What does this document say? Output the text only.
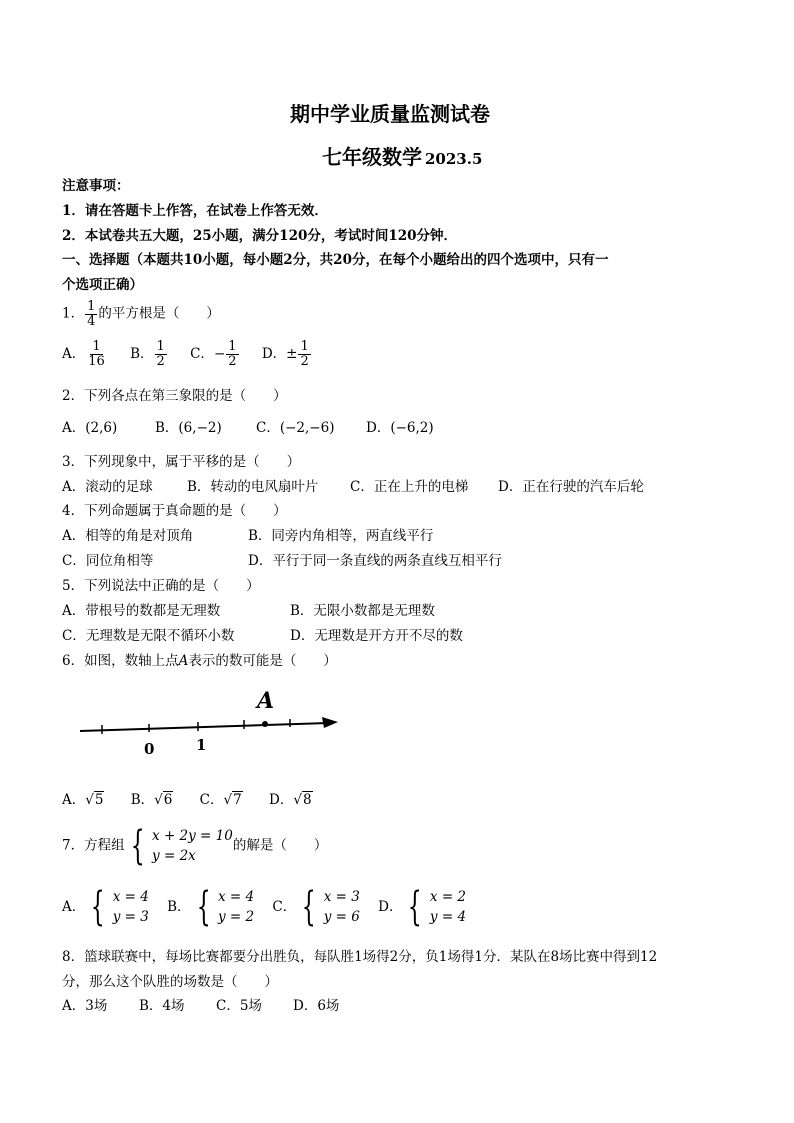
期中学业质量监测试卷
七年级数学 2023.5
注意事项：
1．请在答题卡上作答，在试卷上作答无效．
2．本试卷共五大题，25小题，满分120分，考试时间120分钟．
一、选择题（本题共10小题，每小题2分，共20分，在每个小题给出的四个选项中，只有一
个选项正确）
1． $\frac{1}{4}$ 的平方根是（　　）
A． $\frac{1}{16}$ B． $\frac{1}{2}$ C．− $\frac{1}{2}$ D．± $\frac{1}{2}$
2．下列各点在第三象限的是（　　）
A．(2,6)	B．(6,−2)	C．(−2,−6) D．(−6,2)
3．下列现象中，属于平移的是（　　）
A．滚动的足球	B．转动的电风扇叶片 C．正在上升的电梯 D．正在行驶的汽车后轮
4．下列命题属于真命题的是（　　）
A．相等的角是对顶角	B．同旁内角相等，两直线平行
C．同位角相等	D．平行于同一条直线的两条直线互相平行
5．下列说法中正确的是（　　）
A．带根号的数都是无理数	B．无限小数都是无理数
C．无理数是无限不循环小数	D．无理数是开方开不尽的数
6．如图，数轴上点A表示的数可能是（　　）
A
0	1
A．√5 B．√6 C．√7 D．√8
7．方程组 { x + 2y = 10
y = 2x
的解是（　　）
A． { x = 4
y = 3
B． { x = 4
y = 2
C． { x = 3
y = 6
D． { x = 2
y = 4
8．篮球联赛中，每场比赛都要分出胜负，每队胜1场得2分，负1场得1分．某队在8场比赛中得到12
分，那么这个队胜的场数是（　　）
A．3场 B．4场 C．5场 D．6场
